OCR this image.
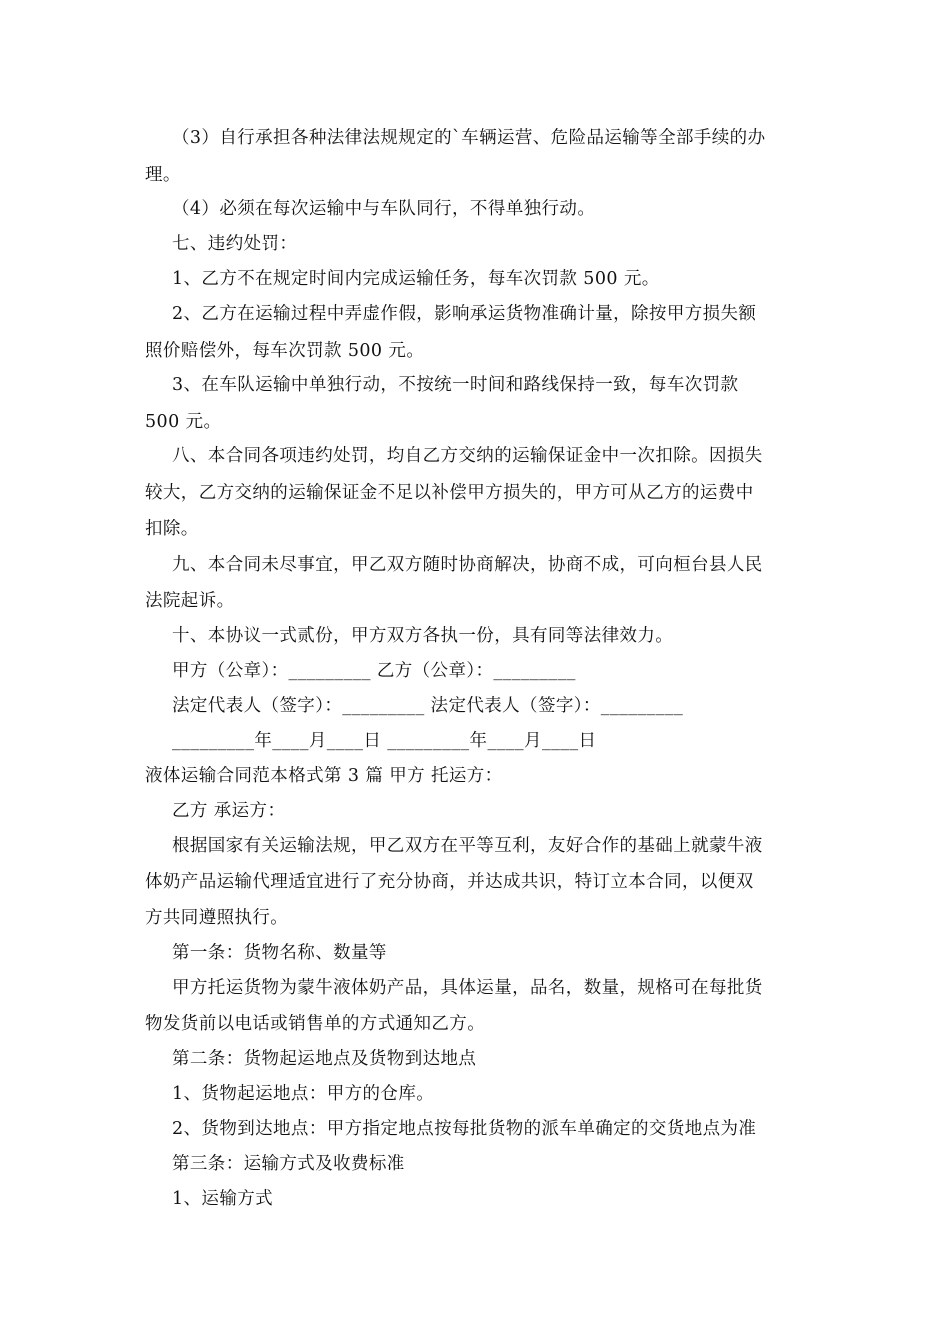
（3）自行承担各种法律法规规定的`车辆运营、危险品运输等全部手续的办
理。
（4）必须在每次运输中与车队同行，不得单独行动。
七、违约处罚：
1、乙方不在规定时间内完成运输任务，每车次罚款 500 元。
2、乙方在运输过程中弄虚作假，影响承运货物准确计量，除按甲方损失额
照价赔偿外，每车次罚款 500 元。
3、在车队运输中单独行动，不按统一时间和路线保持一致，每车次罚款
500 元。
八、本合同各项违约处罚，均自乙方交纳的运输保证金中一次扣除。因损失
较大，乙方交纳的运输保证金不足以补偿甲方损失的，甲方可从乙方的运费中
扣除。
九、本合同未尽事宜，甲乙双方随时协商解决，协商不成，可向桓台县人民
法院起诉。
十、本协议一式贰份，甲方双方各执一份，具有同等法律效力。
甲方（公章）：_________ 乙方（公章）：_________
法定代表人（签字）：_________ 法定代表人（签字）：_________
_________年____月____日 _________年____月____日
液体运输合同范本格式第 3 篇 甲方 托运方：
乙方 承运方：
根据国家有关运输法规，甲乙双方在平等互利，友好合作的基础上就蒙牛液
体奶产品运输代理适宜进行了充分协商，并达成共识，特订立本合同，以便双
方共同遵照执行。
第一条：货物名称、数量等
甲方托运货物为蒙牛液体奶产品，具体运量，品名，数量，规格可在每批货
物发货前以电话或销售单的方式通知乙方。
第二条：货物起运地点及货物到达地点
1、货物起运地点：甲方的仓库。
2、货物到达地点：甲方指定地点按每批货物的派车单确定的交货地点为准
第三条：运输方式及收费标准
1、运输方式
